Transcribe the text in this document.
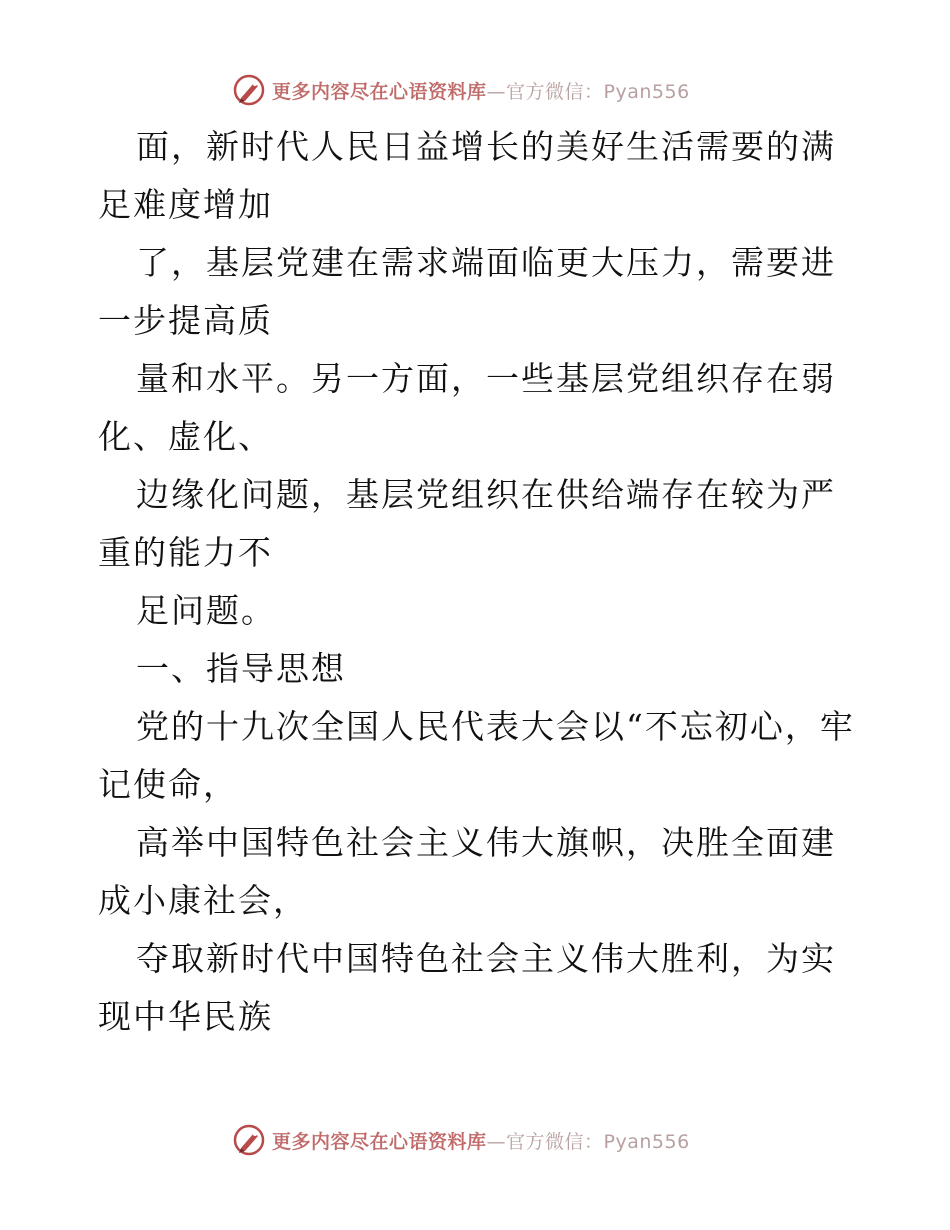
更多内容尽在心语资料库 —官方微信：Pyan556

面，新时代人民日益增长的美好生活需要的满足难度增加

了，基层党建在需求端面临更大压力，需要进一步提高质

量和水平。另一方面，一些基层党组织存在弱化、虚化、

边缘化问题，基层党组织在供给端存在较为严重的能力不

足问题。

一、指导思想

党的十九次全国人民代表大会以“不忘初心，牢记使命，

高举中国特色社会主义伟大旗帜，决胜全面建成小康社会，

夺取新时代中国特色社会主义伟大胜利，为实现中华民族

更多内容尽在心语资料库 —官方微信：Pyan556
